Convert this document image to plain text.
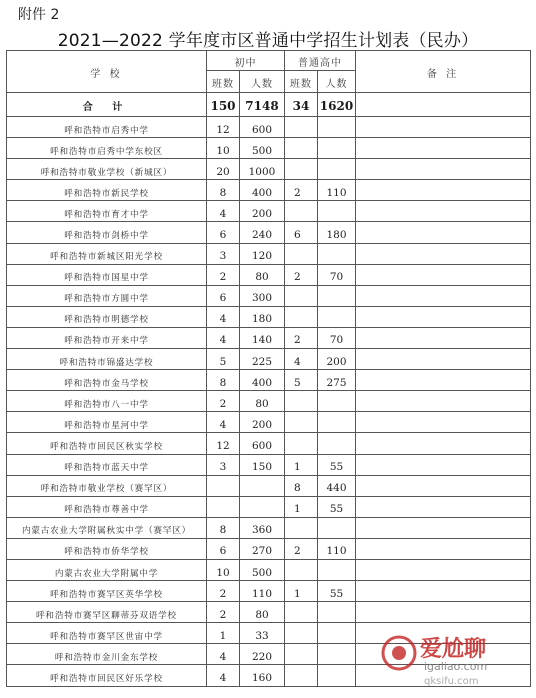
附件 2
2021—2022 学年度市区普通中学招生计划表（民办）
学 校	初中		普通高中		备 注
	班数	人数	班数	人数	
合 计	150	7148	34	1620	
呼和浩特市启秀中学	12	600			
呼和浩特市启秀中学东校区	10	500			
呼和浩特市敬业学校（新城区）	20	1000			
呼和浩特市新民学校	8	400	2	110	
呼和浩特市育才中学	4	200			
呼和浩特市剑桥中学	6	240	6	180	
呼和浩特市新城区阳光学校	3	120			
呼和浩特市国星中学	2	80	2	70	
呼和浩特市方圆中学	6	300			
呼和浩特市明德学校	4	180			
呼和浩特市开来中学	4	140	2	70	
呼和浩特市锦盛达学校	5	225	4	200	
呼和浩特市金马学校	8	400	5	275	
呼和浩特市八一中学	2	80			
呼和浩特市星河中学	4	200			
呼和浩特市回民区秋实学校	12	600			
呼和浩特市蓝天中学	3	150	1	55	
呼和浩特市敬业学校（赛罕区）			8	440	
呼和浩特市尊善中学			1	55	
内蒙古农业大学附属秋实中学（赛罕区）	8	360			
呼和浩特市侨华学校	6	270	2	110	
内蒙古农业大学附属中学	10	500			
呼和浩特市赛罕区英华学校	2	110	1	55	
呼和浩特市赛罕区聊蒂芬双语学校	2	80			
呼和浩特市赛罕区世宙中学	1	33			
呼和浩特市金川金东学校	4	220			
呼和浩特市回民区好乐学校	4	160			
爱尬聊
igaliao.com
qksifu.com
